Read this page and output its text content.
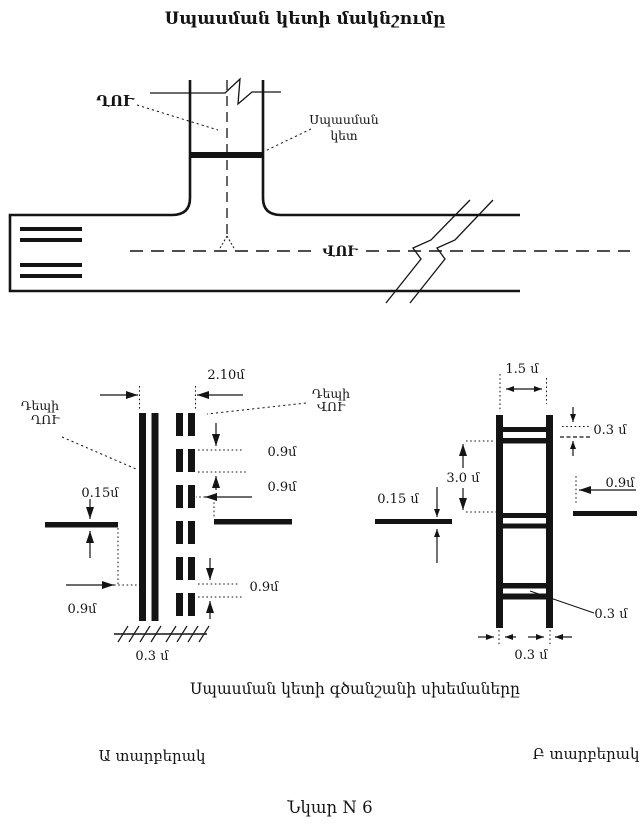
Սպասման կետի մակնշումը
ՂՈՒ
ՎՈՒ
Սպասման
կետ
2.10մ
Դեպի
ՂՈՒ
Դեպի
ՎՈՒ
0.9մ
0.9մ
0.15մ
0.9մ
0.9մ
0.3 մ
1.5 մ
3.0 մ
0.3 մ
0.9մ
0.15 մ
0.3 մ
0.3 մ
Սպասման կետի գծանշանի սխեմաները
Ա տարբերակ	Բ տարբերակ
Նկար N 6
